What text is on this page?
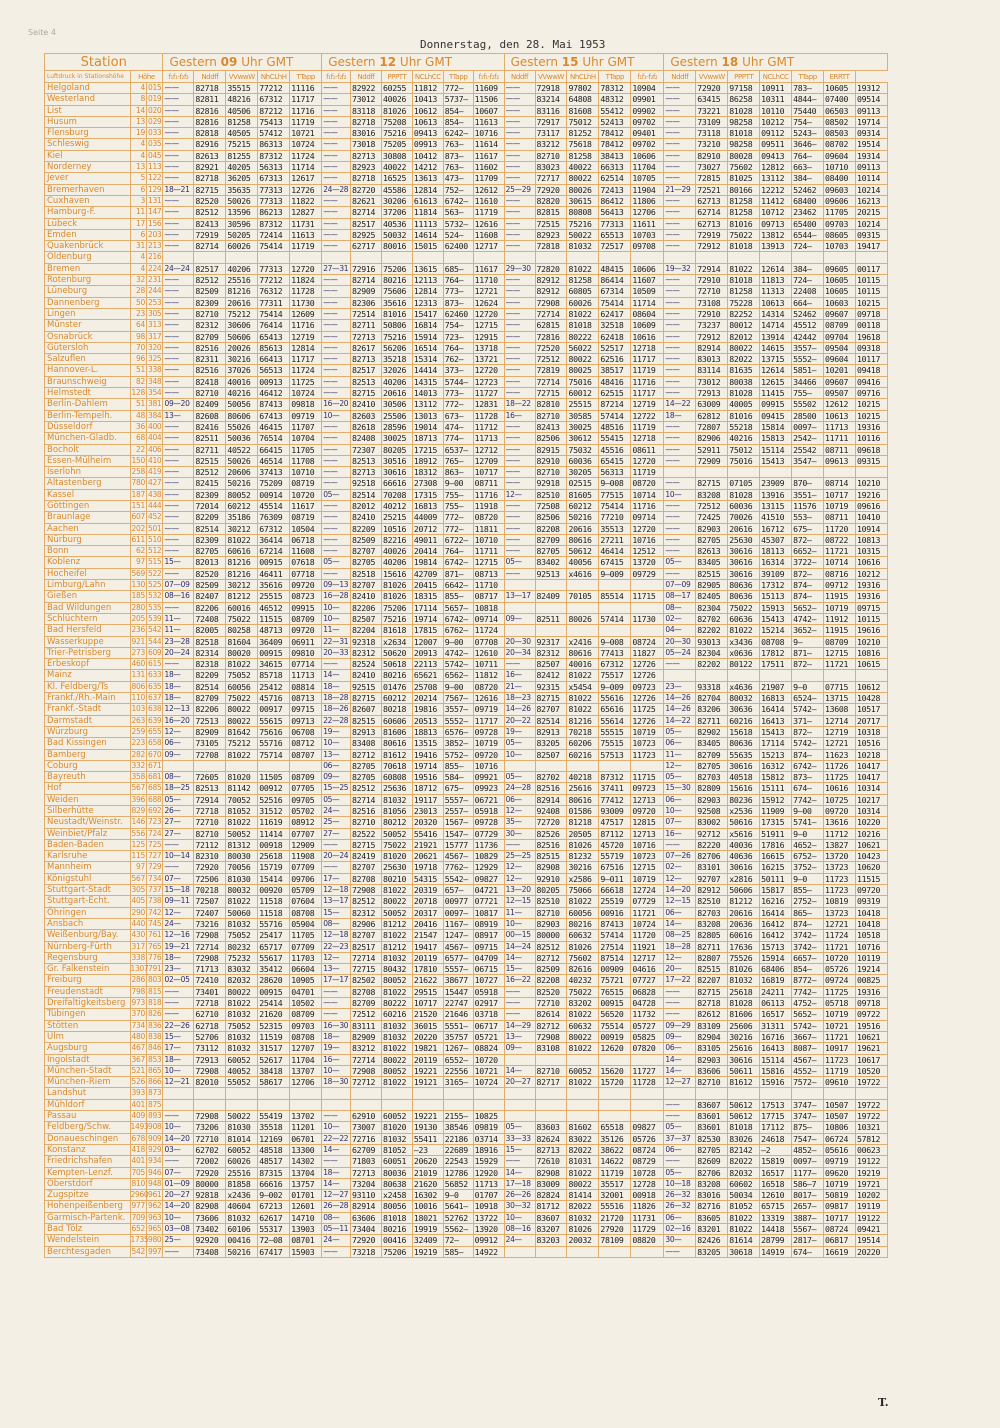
Seite 4
Donnerstag, den 28. Mai 1953
Station			Gestern 09 Uhr GMT					Gestern 12 Uhr GMT						Gestern 15 Uhr GMT					Gestern 18 Uhr GMT						
Luftdruck in Stationshöhe	Höhe		f₁f₁-f₂f₂	Nddff	VVwwW	NhCLhH	TTapp	f₁f₁-f₂f₂	Nddff	PPPTT	NCLhCC	TTapp	f₁f₁-f₂f₂	Nddff	VVwwW	NhCLhH	TTapp	f₁f₁-f₂f₂	Nddff	VVwwW	PPPTT	NCLhCC	TTapp	ERRTT	
Helgoland	4	015	——	82718	35515	77212	11116	——	82922	60255	11812	772—	11609	——	72918	97802	78312	10904	——	72920	97158	10911	783—	10605	19312
Westerland	8	019	——	82811	48216	67312	11717	——	73012	40026	10413	5737—	11506	——	83214	64808	48312	09901	——	63415	86258	10311	4844—	07400	09514
List	14	020	——	82816	40506	87212	11716	——	83118	81026	10612	854—	10607	——	83116	81608	55412	09902	——	73221	81028	10110	75440	06503	09113
Husum	13	029	——	82816	81258	75413	11719	——	82718	75208	10613	854—	11613	——	72917	75012	52413	09702	——	73109	98258	10212	754—	08502	19714
Flensburg	19	033	——	82818	40505	57412	10721	——	83016	75216	09413	6242—	10716	——	73117	81252	78412	09401	——	73118	81018	09112	5243—	08503	09314
Schleswig	4	035	——	82916	75215	86313	10724	——	73018	75205	09913	763—	11614	——	83212	75618	78412	09702	——	73210	98258	09511	3646—	08702	19514
Kiel	4	045	——	82613	81255	87312	11724	——	82713	30808	10412	873—	11617	——	82710	81258	38413	10606	——	82910	80028	09413	764—	09604	19314
Norderney	13	113	——	82921	40205	56313	11714	——	82923	40022	14212	763—	11602	——	83023	40022	66313	11704	——	73027	75602	12812	663—	10710	09113
Jever	5	122	——	82718	36205	67313	12617	——	82718	16525	13613	473—	11709	——	72717	80022	62514	10705	——	72815	81025	13112	384—	08400	10114
Bremerhaven	6	129	18—21	82715	35635	77313	12726	24—28	82720	45586	12814	752—	12612	25—29	72920	80026	72413	11904	21—29	72521	80166	12212	52462	09603	10214
Cuxhaven	3	131	——	82520	50026	77313	11822	——	82621	30206	61613	6742—	11610	——	82820	30615	86412	11806	——	62713	81258	11412	68400	09606	16213
Hamburg-F.	11	147	——	82512	13596	86213	12827	——	82714	37206	11814	563—	11719	——	82815	80808	56413	12706	——	62714	81258	10712	23462	11705	20215
Lübeck	17	156	——	82413	30596	87312	11731	——	82517	40536	11113	5732—	12616	——	72515	75216	77313	11611	——	62713	81016	09713	65400	09703	10214
Emden	6	203	——	72919	50205	72414	11613	——	82925	50032	14614	524—	11608	——	82923	50022	65513	10703	——	72919	75022	13812	6544—	08605	09315
Quakenbrück	31	213	——	82714	60026	75414	11719	——	62717	80016	15015	62400	12717	——	72818	81032	72517	09708	——	72912	81018	13913	724—	10703	19417
Oldenburg	4	216																							
Bremen	4	224	24—24	82517	40206	77313	12720	27—31	72916	75206	13615	685—	11617	29—30	72820	81022	48415	10606	19—32	72914	81022	12614	384—	09605	00117
Rotenburg	32	231	——	82512	25516	77212	11824	——	82714	80216	12113	764—	11710	——	82912	81258	86414	11607	——	72910	81018	11813	724—	10605	10115
Lüneburg	28	244	——	82509	81216	76312	11728	——	82909	75606	12814	773—	12721	——	82912	60805	67314	10509	——	72710	81258	11313	22408	10605	10115
Dannenberg	50	253	——	82309	20616	77311	11730	——	82306	35616	12313	873—	12624	——	72908	60026	75414	11714	——	73108	75228	10613	664—	10603	10215
Lingen	23	305	——	82710	75212	75414	12609	——	72514	81016	15417	62460	12720	——	72714	81022	62417	08604	——	72910	82252	14314	52462	09607	09718
Münster	64	313	——	82312	30606	76414	11716	——	82711	50806	16814	754—	12715	——	62815	81018	32518	10609	——	73237	80012	14714	45512	08709	00118
Osnabrück	98	317	——	82709	50606	65413	12719	——	72713	75216	15914	723—	12915	——	72816	80222	62418	10616	——	72912	82012	13914	42442	09704	19618
Gütersloh	70	320	——	82516	20026	85613	12814	——	82617	56206	16514	764—	13718	——	72520	56022	52517	12718	——	82914	80022	14615	3557—	09504	09318
Salzuflen	96	325	——	82311	30216	66413	11717	——	82713	35218	15314	762—	13721	——	72512	80022	62516	11717	——	83013	82022	13715	5552—	09604	10117
Hannover-L.	51	338	——	82516	37026	56513	11724	——	82517	32026	14414	373—	12720	——	72819	80025	38517	11719	——	83114	81635	12614	5851—	10201	09418
Braunschweig	82	348	——	82418	40016	00913	11725	——	82513	40206	14315	5744—	12723	——	72714	75016	48416	11716	——	73012	80038	12615	34466	09607	09416
Helmstedt	128	354	——	82710	40216	46412	10724	——	82715	20616	14013	773—	11727	——	72715	60012	62515	11717	——	72913	81028	11415	755—	09507	09716
Berlin-Dahlem	51	381	09—20	82409	50056	87413	09818	16—20	82410	30506	13112	772—	12831	18—22	82810	25515	87214	12719	14—22	63009	40005	09915	55502	12612	10215
Berlin-Tempelh.	48	384	13—	82608	80606	67413	09719	10—	82603	25506	13013	673—	11728	16—	82710	30585	57414	12722	18—	62812	81016	09415	28500	10613	10215
Düsseldorf	36	400	——	82416	55026	46415	11707	——	82618	28596	19014	474—	11712	——	82413	30025	48516	11719	——	72807	55218	15814	0097—	11713	19316
München-Gladb.	68	404	——	82511	50036	76514	10704	——	82408	30025	18713	774—	11713	——	82506	30612	55415	12718	——	82906	40216	15813	2542—	11711	10116
Bocholt	22	406	——	82711	40522	66415	11705	——	72307	80205	17215	6537—	12712	——	82915	75032	45516	08611	——	52911	75012	15114	25542	08711	09618
Essen-Mülheim	150	410	——	82515	50026	46514	11708	——	82513	30516	18912	765—	12709	——	82910	60036	65415	12720	——	72909	75016	15413	3547—	09613	09315
Iserlohn	258	419	——	82512	20606	37413	10710	——	82713	30616	18312	863—	10717	——	82710	30205	56313	11719							
Altastenberg	780	427	——	82415	50216	75209	08719	——	92518	66616	27308	9—00	08711	——	92918	02515	9—008	08720	——	82715	07105	23909	870—	08714	10210
Kassel	187	438	——	82309	80052	00914	10720	05—	82514	70208	17315	755—	11716	12—	82510	81605	77515	10714	10—	83208	81028	13916	3551—	10717	19216
Göttingen	151	444	——	72014	60212	45514	11617	——	82012	40212	16813	755—	11918	——	72508	60212	75414	11716	——	72512	60036	13115	11576	10719	09616
Braunlage	607	452	——	82209	35186	76309	08719	——	82410	25215	44009	772—	08720	——	82506	50216	77210	09714	——	72425	70026	41510	553—	08711	10410
Aachen	202	501	——	82514	30212	67312	10504	——	82209	10516	20712	772—	11811	——	82208	20616	35513	12720	——	82903	20616	16712	675—	11720	10914
Nürburg	611	510	——	82309	81022	36414	06718	——	82509	82216	49011	6722—	10710	——	82709	80616	27211	10716	——	82705	25630	45307	872—	08722	10813
Bonn	62	512	——	82705	60616	67214	11608	——	82707	40026	20414	764—	11711	——	82705	50612	46414	12512	——	82613	30616	18113	6652—	11721	10315
Koblenz	97	515	15—	82013	81216	00915	07618	05—	82705	40206	19814	6742—	12715	05—	83402	40056	67415	13720	05—	83405	30616	16314	3722—	10714	10616
Hocheifel	569	522	——	82520	81216	46411	07718	——	82518	15616	42709	871—	08713	——	92513	x4616	9—009	09729	——	82515	30616	39109	872—	08716	10212
Limburg/Lahn	130	525	07—09	82509	30212	35616	09720	09—13	82707	81026	20415	6642—	11710						07—09	82905	80636	17312	874—	09712	19316
Gießen	185	532	08—16	82407	81212	25515	08723	16—28	82410	81026	18315	855—	08717	13—17	82409	70105	85514	11715	08—17	82405	80636	15113	874—	11915	19316
Bad Wildungen	280	535	——	82206	60016	46512	09915	10—	82206	75206	17114	5657—	10818						08—	82304	75022	15913	5652—	10719	09715
Schlüchtern	205	539	11—	72408	75022	11515	08709	10—	82507	75216	19714	6742—	09714	09—	82511	80026	57414	11730	02—	82702	60636	15413	4742—	11912	10115
Bad Hersfeld	236	542	11—	82005	80258	48713	09720	11—	82204	81618	17815	6762—	11724						04—	82202	81022	15214	3652—	11915	19616
Wasserkuppe	921	544	23—28	82518	81604	36409	06911	22—31	92318	x2634	12007	9—00	07708	20—30	92317	x2416	9—008	08724	20—30	93013	x3436	08708	9—	08709	10210
Trier-Petrisberg	273	609	20—24	82314	80020	00915	09810	20—33	82312	50620	20913	4742—	12610	20—34	82312	80616	77413	11827	05—24	82304	x0636	17812	871—	12715	10816
Erbeskopf	460	615	——	82318	81022	34615	07714	——	82524	50618	22113	5742—	10711	——	82507	40016	67312	12726	——	82202	80122	17511	872—	11721	10615
Mainz	131	633	18—	82209	75052	85718	11713	14—	82410	80216	65621	6562—	11812	16—	82412	81022	75517	12726							
Kl. Feldberg/Ts	806	635	18—	82514	60056	25412	08814	18—	92515	01476	25708	9—00	08720	21—	92315	x5454	9—009	09723	23—	93318	x4636	21907	9—0	07715	10612
Frankf./Rh.-Main	110	637	18—	82709	75022	45716	08713	18—28	82715	60212	20214	7567—	12616	18—23	82715	81022	55616	12726	14—26	82704	80032	16813	6524—	13715	10428
Frankf.-Stadt	103	638	12—13	82206	80022	00917	09715	18—26	82607	80218	19816	3557—	09719	14—26	82707	81022	65616	11725	14—26	83206	30636	16414	5742—	13608	10517
Darmstadt	263	639	16—20	72513	80022	55615	09713	22—28	82515	60606	20513	5552—	11717	20—22	82514	81216	55614	12726	14—22	82711	60216	16413	371—	12714	20717
Würzburg	259	655	12—	82909	81642	75616	06708	19—	82913	81606	18813	6576—	09728	19—	82913	70218	55515	10719	05—	82902	15618	15413	872—	12719	10318
Bad Kissingen	223	658	06—	73105	75212	55716	08712	10—	83408	80616	13515	3852—	10719	05—	83205	60206	75515	10723	06—	83405	80636	17114	5742—	12721	10516
Bamberg	282	670	09—	72708	81022	75714	08707	13—	82712	81612	19416	5752—	09720	10—	82507	60216	57513	11723	11—	82709	55635	15213	874—	11623	10218
Coburg	332	671						06—	82705	70618	19714	855—	10716						12—	82705	30616	16312	6742—	11726	10417
Bayreuth	358	681	08—	72605	81020	11505	08709	09—	82705	60808	19516	584—	09921	05—	82702	40218	87312	11715	05—	82703	40518	15812	873—	11725	10417
Hof	567	685	18—25	82513	81142	00912	07705	15—25	82512	25636	18712	675—	09923	24—28	82516	25616	37411	09723	15—30	82809	15616	15111	674—	10616	10314
Weiden	396	688	05—	72914	70052	52516	09705	05—	82714	81032	19117	5557—	06721	06—	82914	80616	77412	12713	06—	82903	80236	15912	7742—	10725	10217
Silberhütte	829	692	26—	72718	81052	31512	05702	24—	82516	81056	23013	2557—	05918	12—	92408	01586	93009	09720	10—	92508	x2536	11909	9—00	09720	10314
Neustadt/Weinstr.	146	723	27—	72710	81022	11619	08912	25—	82710	80212	20320	1567—	09728	35—	72720	81218	47517	12815	07—	83002	50616	17315	5741—	13616	10220
Weinbiet/Pfalz	556	724	27—	82710	50052	11414	07707	27—	82522	50052	55416	1547—	07729	30—	82526	20505	87112	12713	16—	92712	x5616	51911	9—0	11712	10216
Baden-Baden	125	725	——	72112	81312	00918	12909	——	82715	75022	21921	15777	11736	——	82516	81026	45720	10716	——	82220	40036	17816	4652—	13827	10621
Karlsruhe	115	727	10—14	82310	80030	25618	11908	20—24	82419	81020	20621	4567—	10829	25—25	82515	81232	55719	10723	07—26	82706	40636	16615	6752—	13720	10423
Mannheim	97	729	——	72920	70056	15719	07709	——	82707	25630	19718	7762—	12929	12—	82908	30216	67516	12715	02—	83101	30616	16215	3752—	13723	10620
Königstuhl	567	734	07—	72506	81030	15414	09706	17—	82708	80210	54315	5542—	09827	12—	92910	x2586	9—011	10719	12—	92707	x2816	50111	9—0	11723	11515
Stuttgart-Stadt	305	737	15—18	70218	80032	00920	05709	12—18	72908	81022	20319	657—	04721	13—20	80205	75066	66618	12724	14—20	82912	50606	15817	855—	11723	09720
Stuttgart-Echt.	405	738	09—11	72507	81022	11518	07604	13—17	82512	80022	20718	00977	07721	12—15	82510	81022	25519	07729	12—15	82510	81212	16216	2752—	10819	09319
Öhringen	290	742	12—	72407	50060	11518	08708	15—	82312	50052	20317	0097—	10817	11—	82710	60056	00916	11721	06—	82703	20616	16414	865—	13723	10418
Ansbach	440	745	24—	73216	81032	55716	05904	08—	82906	81212	20416	1167—	08919	10—	82903	80216	87413	10724	14—	83208	20636	16412	874—	12721	10418
Weißenburg/Bay.	430	761	12—16	72908	75052	25417	11705	12—18	82707	81022	21547	1247—	08917	00—15	80000	60632	57414	11720	08—25	82805	60616	16412	3742—	11724	10518
Nürnberg-Fürth	317	765	19—21	72714	80232	65717	07709	22—23	82517	81212	19417	4567—	09715	14—24	82512	81026	27514	11921	18—28	82711	17636	15713	3742—	11721	10716
Regensburg	338	776	18—	72908	75232	55617	11703	12—	72714	81032	20119	6577—	04709	14—	82712	75602	87514	12717	12—	82807	75526	15914	6657—	10720	10119
Gr. Falkenstein	1307	791	23—	71713	83032	35412	06604	13—	72715	80432	17810	5557—	06715	15—	82509	82616	00909	04616	20—	82515	81026	68406	854—	05726	19214
Freiburg	286	803	02—05	72410	82032	28620	10905	17—17	82502	80052	21622	38677	10727	16—22	82208	40232	75721	07727	17—22	82207	81032	16819	8772—	09724	00825
Freudenstadt	798	815	——	73401	80022	00915	04701	——	82708	81022	29515	15447	05918	——	82520	75022	76515	06828	——	82715	25618	24211	7742—	11725	19316
Dreifaltigkeitsberg	973	818	——	72718	81022	25414	10502	——	82709	80222	10717	22747	02917	——	72710	83202	00915	04728	——	82718	81028	06113	4752—	05718	09718
Tübingen	370	826	——	62710	81032	21620	08709	——	72512	60216	21520	21646	03718	——	82614	81022	56520	11732	——	82612	81606	16517	5652—	10719	09722
Stötten	734	836	22—26	62718	75052	52315	09703	16—30	83111	81032	36015	5551—	06717	14—29	82712	60632	75514	05727	09—29	83109	25606	31311	5742—	10721	19516
Ulm	480	838	15—	52706	81032	11519	08708	18—	82909	81032	20220	35757	05721	13—	72908	80022	00919	05825	09—	82904	30216	16716	3667—	11721	10621
Augsburg	467	846	17—	73112	81032	31517	12707	19—	83212	81022	19821	1267—	08824	09—	83108	81022	12620	07820	06—	83105	25616	16413	8087—	10917	19621
Ingolstadt	367	853	18—	72913	60052	52617	11704	16—	72714	80022	20119	6552—	10720						14—	82903	30616	15114	4567—	11723	10617
München-Stadt	521	865	10—	72908	40052	38418	13707	10—	72908	80052	19221	22556	10721	14—	82710	60052	15620	11727	14—	83606	50611	15816	4552—	11719	10520
München-Riem	526	866	12—21	82010	55052	58617	12706	18—30	72712	81022	19121	3165—	10724	20—27	82717	81022	15720	11728	12—27	82710	81612	15916	7572—	09610	19722
Landshut	393	873																							
Mühldorf	401	875																	——	83607	50612	17513	3747—	10507	19722
Passau	409	893	——	72908	50022	55419	13702	——	62910	60052	19221	2155—	10825						——	83601	50612	17715	3747—	10507	19722
Feldberg/Schw.	1493	908	10—	73206	81030	35518	11201	10—	73007	81020	19130	38546	09819	05—	83603	81602	65518	09827	05—	83601	81018	17112	875—	10806	10321
Donaueschingen	678	909	14—20	72710	81014	12169	06701	22—22	72716	81032	55411	22186	03714	33—33	82624	83022	35126	05726	37—37	82530	83026	24618	7547—	06724	57812
Konstanz	418	929	03—	62702	60052	48518	13300	14—	62709	81052	—23	22689	18916	15—	82713	82022	38622	08724	06—	82705	82142	—2	4852—	05616	00623
Friedrichshafen	401	934	——	72002	60026	48517	14302	——	71803	60051	20620	22543	15929	——	72610	81031	14622	08729	——	82609	82022	15819	0097—	09719	19122
Kempten-Lenzf.	705	946	07—	72920	25516	87315	13704	18—	72713	80036	21019	12786	12920	14—	82908	81022	11719	10728	05—	82706	82032	16517	1177—	09620	19219
Oberstdorf	810	948	01—09	80000	81858	66616	13757	14—	73204	80638	21620	56852	11713	17—18	83009	80022	35517	12728	10—18	83208	60602	16518	586—7	10719	19721
Zugspitze	2960	961	20—27	92818	x2436	9—002	01701	12—27	93110	x2458	16302	9—0	01707	26—26	82824	81414	32001	00918	26—32	83016	50034	12610	8017—	50819	10202
Hohenpeißenberg	977	962	14—20	82908	40604	67213	12601	26—28	82914	80056	10016	5641—	10918	30—32	81712	82022	55516	11826	26—32	82716	81052	65715	2657—	09817	19119
Garmisch-Partenk.	709	963	10—	73606	81032	62617	14710	08—	63606	81018	18021	52762	13722	10—	83607	81032	21720	11731	06—	83605	81022	13319	3887—	10717	19122
Bad Tölz	652	965	03—08	73402	60106	55317	13903	05—11	73404	80216	19919	5562—	13920	08—16	83207	81026	27920	11729	02—16	83201	81022	14418	5567—	08724	09421
Wendelstein	1735	980	25—	92920	00416	72—08	08701	24—	72920	00416	32409	72—	09912	24—	83203	20032	78109	08820	30—	82426	81614	28799	2817—	06817	19514
Berchtesgaden	542	997	——	73408	50216	67417	15903	——	73218	75206	19219	585—	14922						——	83205	30618	14919	674—	16619	20220
T.
